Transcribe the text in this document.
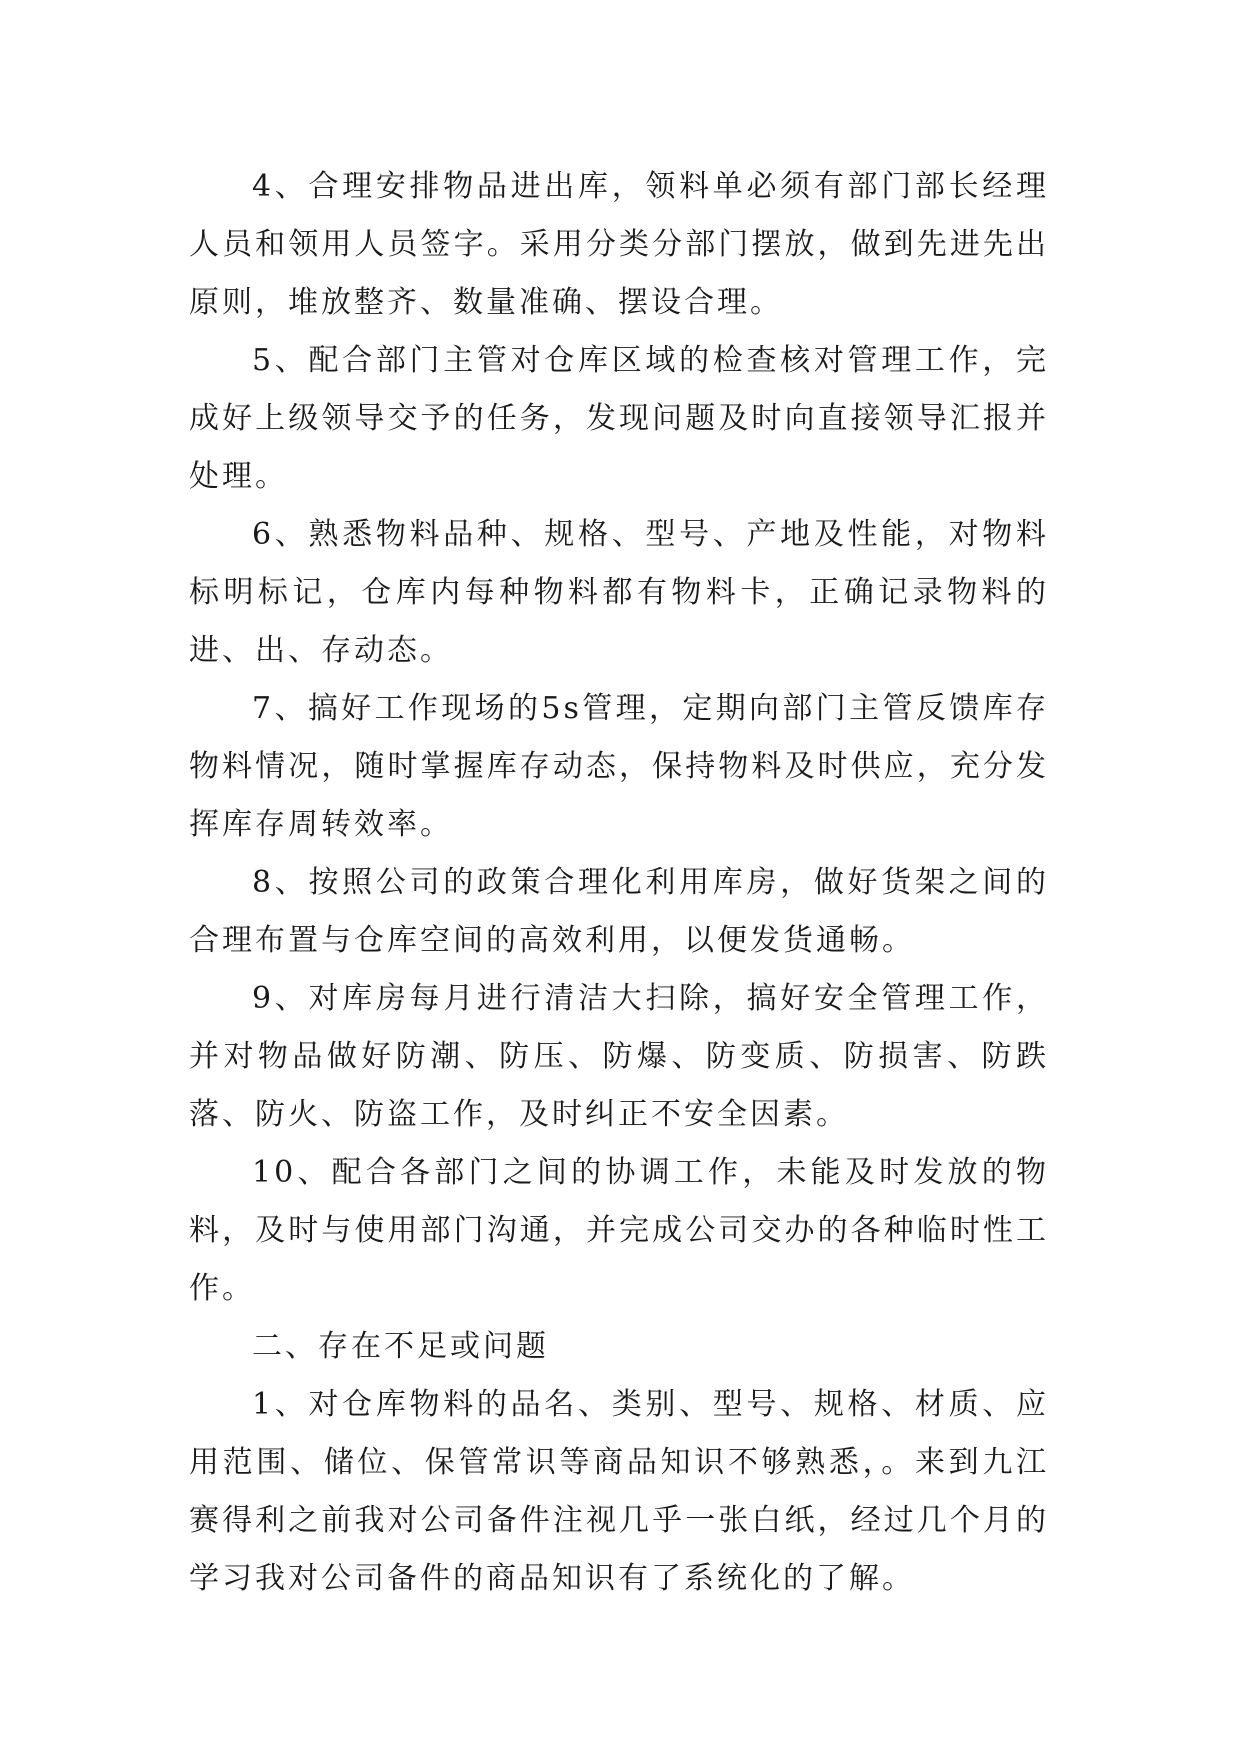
4、合理安排物品进出库，领料单必须有部门部长经理人员和领用人员签字。采用分类分部门摆放，做到先进先出原则，堆放整齐、数量准确、摆设合理。

5、配合部门主管对仓库区域的检查核对管理工作，完成好上级领导交予的任务，发现问题及时向直接领导汇报并处理。

6、熟悉物料品种、规格、型号、产地及性能，对物料标明标记，仓库内每种物料都有物料卡，正确记录物料的进、出、存动态。

7、搞好工作现场的5s管理，定期向部门主管反馈库存物料情况，随时掌握库存动态，保持物料及时供应，充分发挥库存周转效率。

8、按照公司的政策合理化利用库房，做好货架之间的合理布置与仓库空间的高效利用，以便发货通畅。

9、对库房每月进行清洁大扫除，搞好安全管理工作，并对物品做好防潮、防压、防爆、防变质、防损害、防跌落、防火、防盗工作，及时纠正不安全因素。

10、配合各部门之间的协调工作，未能及时发放的物料，及时与使用部门沟通，并完成公司交办的各种临时性工作。

二、存在不足或问题

1、对仓库物料的品名、类别、型号、规格、材质、应用范围、储位、保管常识等商品知识不够熟悉，。来到九江赛得利之前我对公司备件注视几乎一张白纸，经过几个月的学习我对公司备件的商品知识有了系统化的了解。
